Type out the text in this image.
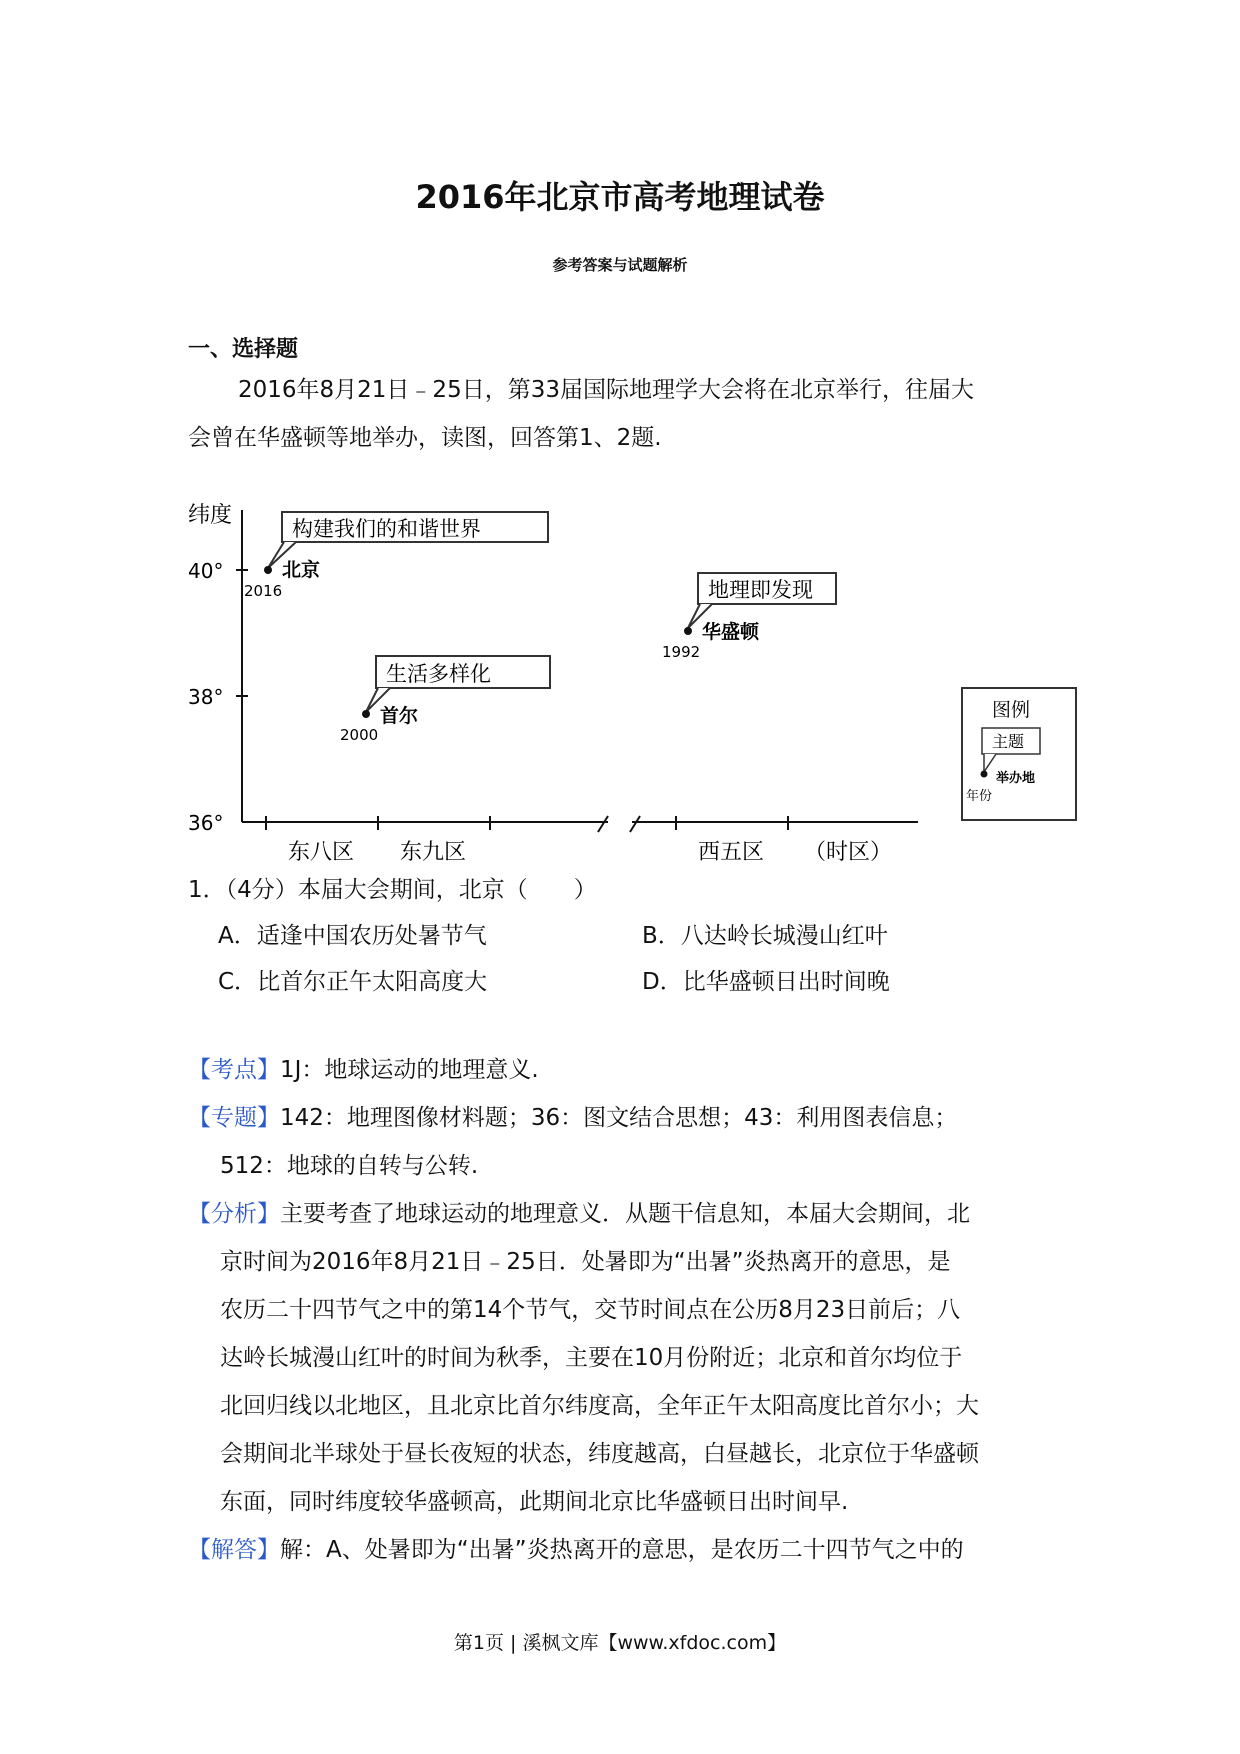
2016年北京市高考地理试卷
参考答案与试题解析
一、选择题
2016年8月21日﹣25日，第33届国际地理学大会将在北京举行，往届大
会曾在华盛顿等地举办，读图，回答第1、2题.
纬度
40°
38°
36°
东八区 东九区	西五区 （时区）
构建我们的和谐世界
北京
2016
生活多样化
首尔
2000
地理即发现
华盛顿
1992
图例
主题
举办地
年份
1．（4分）本届大会期间，北京（　　）
A．适逢中国农历处暑节气	B．八达岭长城漫山红叶
C．比首尔正午太阳高度大	D．比华盛顿日出时间晚
【考点】1J：地球运动的地理意义.
【专题】142：地理图像材料题；36：图文结合思想；43：利用图表信息；
512：地球的自转与公转.
【分析】主要考查了地球运动的地理意义．从题干信息知，本届大会期间，北
京时间为2016年8月21日﹣25日．处暑即为“出暑”炎热离开的意思，是
农历二十四节气之中的第14个节气，交节时间点在公历8月23日前后；八
达岭长城漫山红叶的时间为秋季，主要在10月份附近；北京和首尔均位于
北回归线以北地区，且北京比首尔纬度高，全年正午太阳高度比首尔小；大
会期间北半球处于昼长夜短的状态，纬度越高，白昼越长，北京位于华盛顿
东面，同时纬度较华盛顿高，此期间北京比华盛顿日出时间早.
【解答】解：A、处暑即为“出暑”炎热离开的意思，是农历二十四节气之中的
第1页 | 溪枫文库【www.xfdoc.com】
